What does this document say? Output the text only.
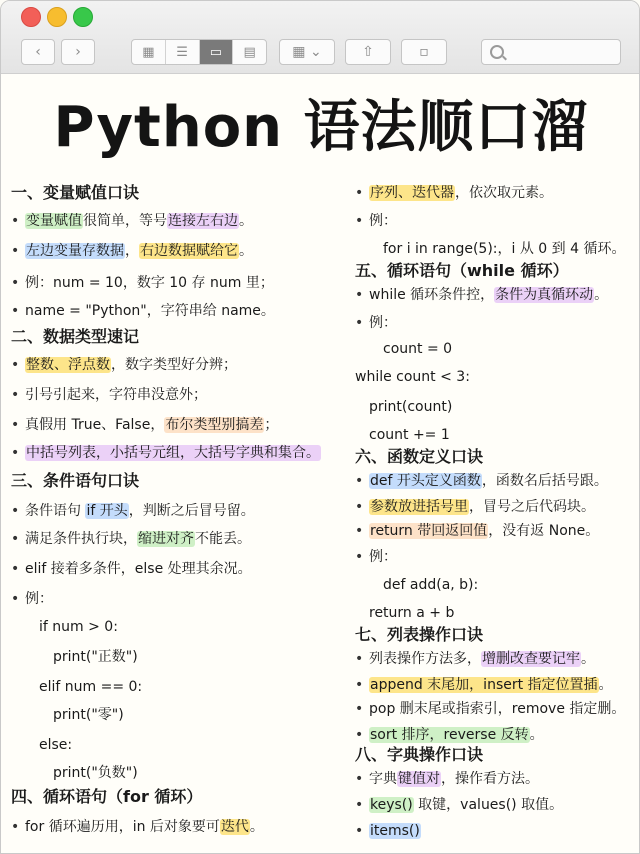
‹ ›	▦	☰	▭	▤	▦ ⌄	⇧	▫
Python 语法顺口溜
一、变量赋值口诀
• 变量赋值很简单，等号连接左右边。
• 左边变量存数据，右边数据赋给它。
• 例：num = 10，数字 10 存 num 里；
• name = "Python"，字符串给 name。
二、数据类型速记
• 整数、浮点数，数字类型好分辨；
• 引号引起来，字符串没意外；
• 真假用 True、False，布尔类型别搞差；
• 中括号列表，小括号元组，大括号字典和集合。
三、条件语句口诀
• 条件语句 if 开头，判断之后冒号留。
• 满足条件执行块，缩进对齐不能丢。
• elif 接着多条件，else 处理其余况。
• 例：
if num > 0:
print("正数")
elif num == 0:
print("零")
else:
print("负数")
四、循环语句（for 循环）
• for 循环遍历用，in 后对象要可迭代。
• 序列、迭代器，依次取元素。
• 例：
for i in range(5):，i 从 0 到 4 循环。
五、循环语句（while 循环）
• while 循环条件控，条件为真循环动。
• 例：
count = 0
while count < 3:
print(count)
count += 1
六、函数定义口诀
• def 开头定义函数，函数名后括号跟。
• 参数放进括号里，冒号之后代码块。
• return 带回返回值，没有返 None。
• 例：
def add(a, b):
return a + b
七、列表操作口诀
• 列表操作方法多，增删改查要记牢。
• append 末尾加，insert 指定位置插。
• pop 删末尾或指索引，remove 指定删。
• sort 排序，reverse 反转。
八、字典操作口诀
• 字典键值对，操作看方法。
• keys() 取键，values() 取值。
• items()
